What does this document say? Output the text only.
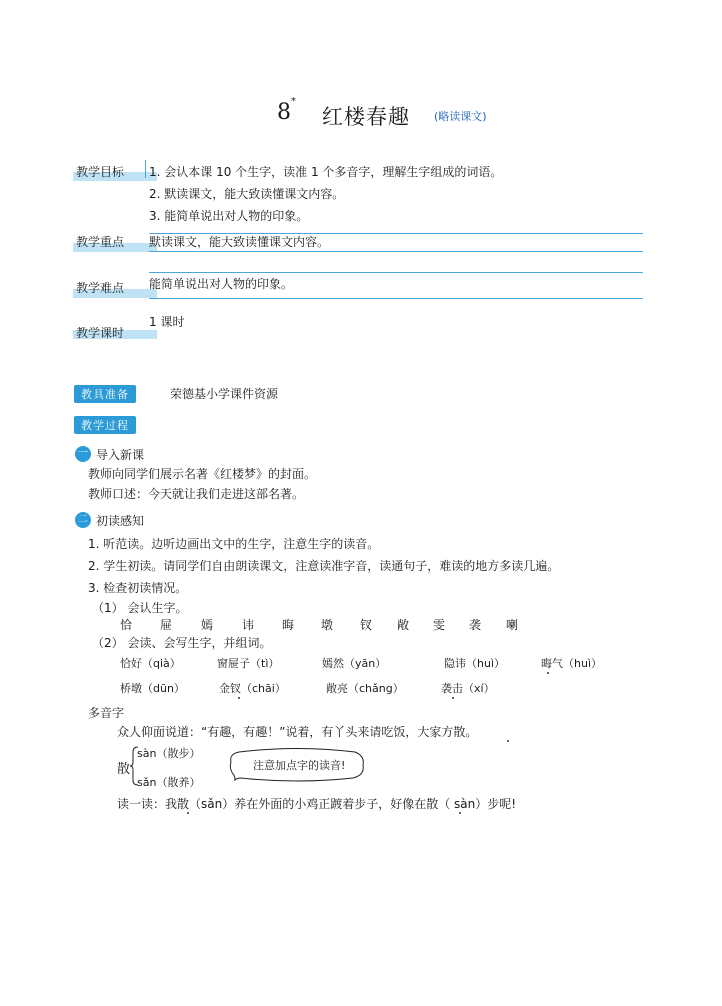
8 *
红楼春趣 (略读课文)
教学目标 1. 会认本课 10 个生字，读准 1 个多音字，理解生字组成的词语。
2. 默读课文，能大致读懂课文内容。
3. 能简单说出对人物的印象。
教学重点 默读课文，能大致读懂课文内容。
教学难点 能简单说出对人物的印象。
教学课时
1 课时
教具准备	荣德基小学课件资源
教学过程
一 导入新课
教师向同学们展示名著《红楼梦》的封面。
教师口述：今天就让我们走进这部名著。
二 初读感知
1. 听范读。边听边画出文中的生字，注意生字的读音。
2. 学生初读。请同学们自由朗读课文，注意读准字音，读通句子，难读的地方多读几遍。
3. 检查初读情况。
（1） 会认生字。
恰 屉 嫣 讳 晦 墩 钗 敞 雯 袭 喇
（2） 会读、会写生字，并组词。
恰好（qià）	窗屉子（tì）	嫣然（yān）	隐讳（huì）	晦气（huì）
桥墩（dūn）	金钗（chāi）	敞亮（chǎng）	袭击（xí）
多音字
众人仰面说道：“有趣，有趣！”说着，有丫头来请吃饭，大家方散。
散
sàn（散步）
sǎn（散养）
注意加点字的读音!
读一读：我散（sǎn）养在外面的小鸡正踱着步子，好像在散（ sàn）步呢!
